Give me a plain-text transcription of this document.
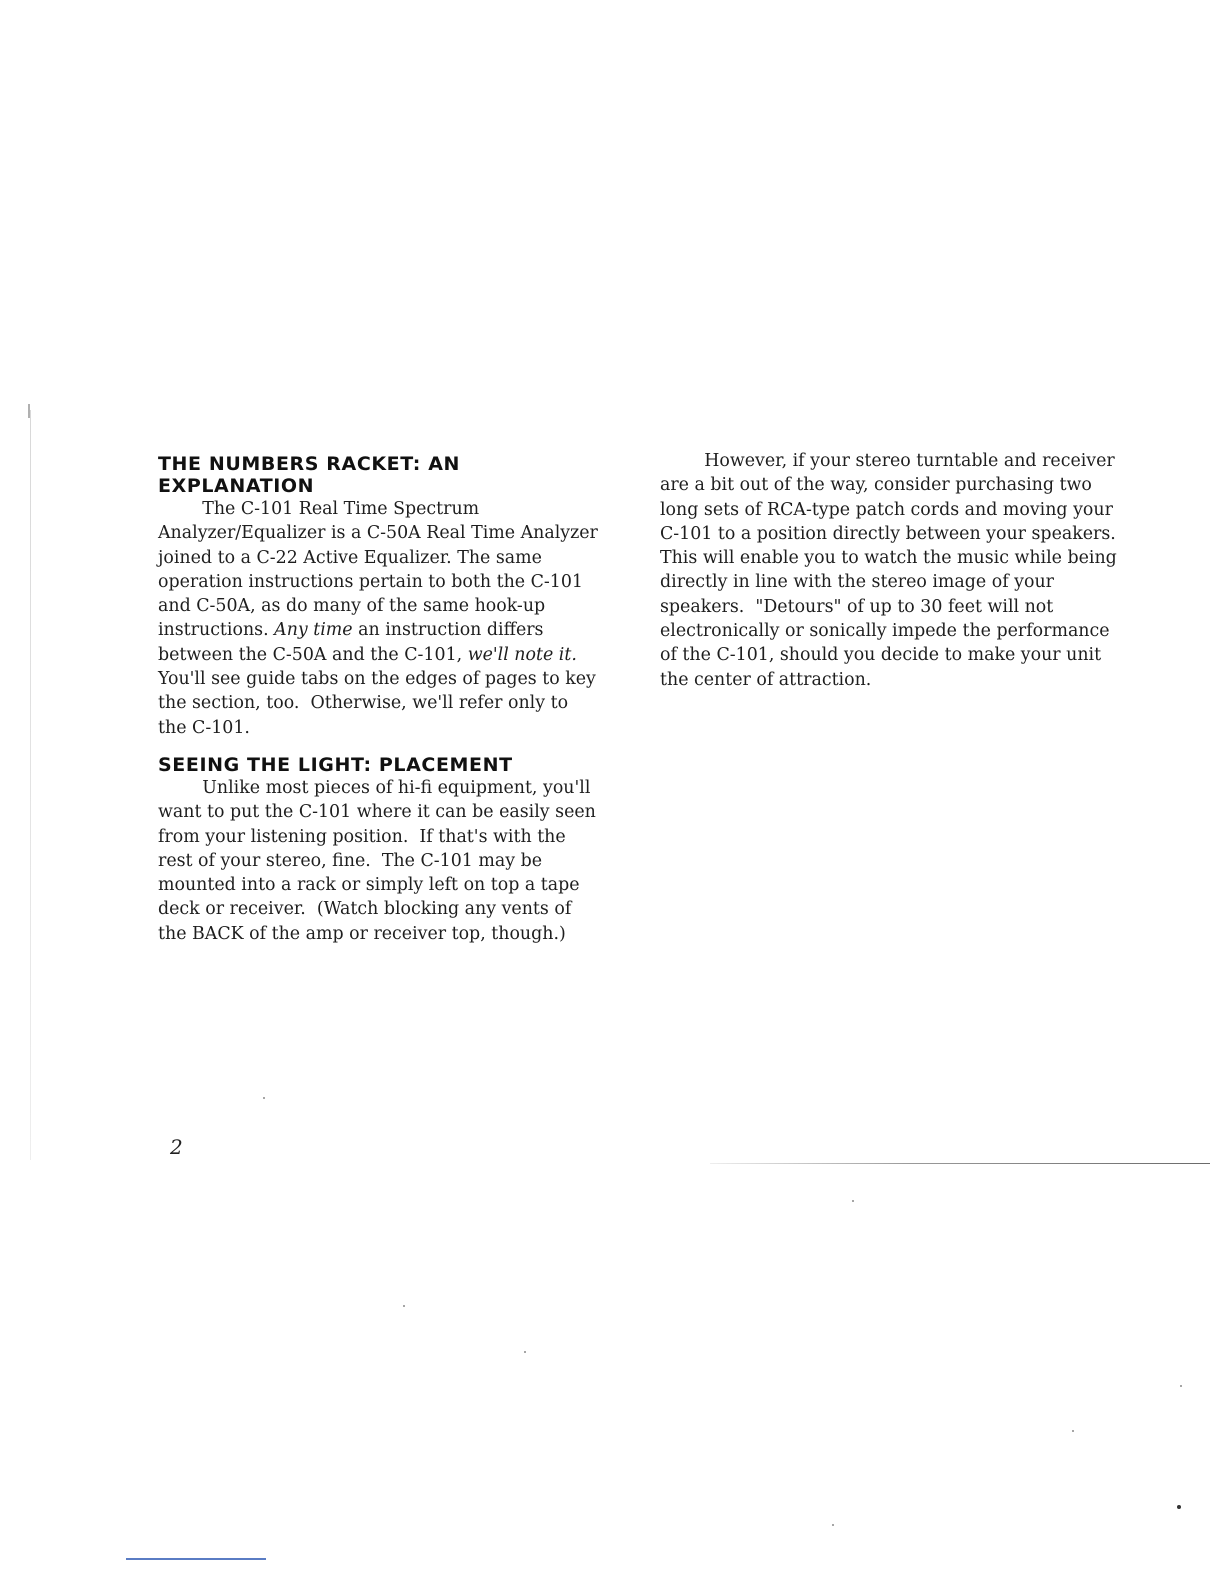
THE NUMBERS RACKET: AN EXPLANATION

The C-101 Real Time Spectrum Analyzer/Equalizer is a C-50A Real Time Analyzer joined to a C-22 Active Equalizer. The same operation instructions pertain to both the C-101 and C-50A, as do many of the same hook-up instructions. Any time an instruction differs between the C-50A and the C-101, we'll note it.  You'll see guide tabs on the edges of pages to key the section, too.  Otherwise, we'll refer only to the C-101.

SEEING THE LIGHT: PLACEMENT

Unlike most pieces of hi-fi equipment, you'll want to put the C-101 where it can be easily seen from your listening position.  If that's with the rest of your stereo, fine.  The C-101 may be mounted into a rack or simply left on top a tape deck or receiver.  (Watch blocking any vents of the BACK of the amp or receiver top, though.)

However, if your stereo turntable and receiver are a bit out of the way, consider purchasing two long sets of RCA-type patch cords and moving your C-101 to a position directly between your speakers.  This will enable you to watch the music while being directly in line with the stereo image of your speakers.  "Detours" of up to 30 feet will not electronically or sonically impede the performance of the C-101, should you decide to make your unit the center of attraction.

2
